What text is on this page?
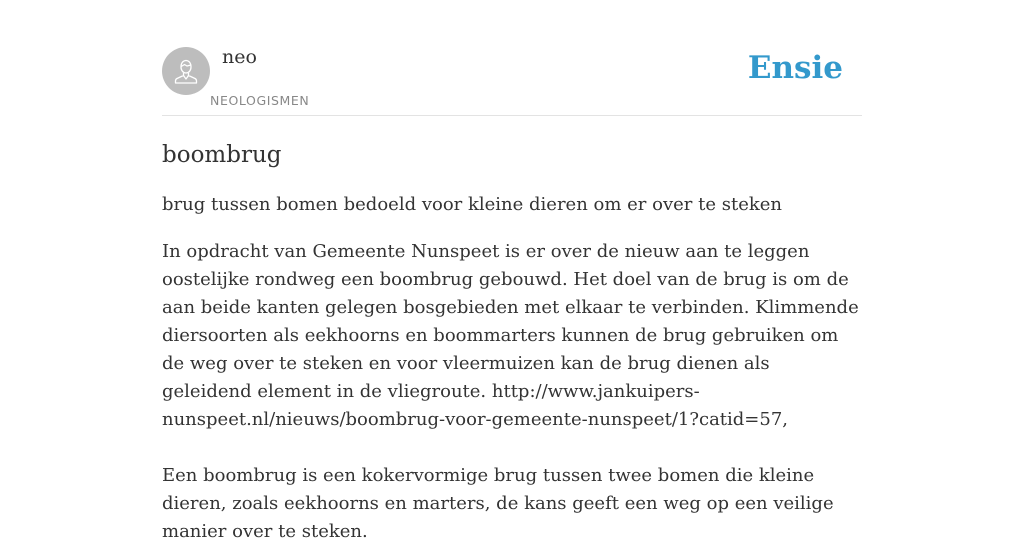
neo
NEOLOGISMEN
Ensie
boombrug

brug tussen bomen bedoeld voor kleine dieren om er over te steken

In opdracht van Gemeente Nunspeet is er over de nieuw aan te leggen oostelijke rondweg een boombrug gebouwd. Het doel van de brug is om de aan beide kanten gelegen bosgebieden met elkaar te verbinden. Klimmende diersoorten als eekhoorns en boommarters kunnen de brug gebruiken om de weg over te steken en voor vleermuizen kan de brug dienen als geleidend element in de vliegroute. http://www.jankuipers-nunspeet.nl/nieuws/boombrug-voor-gemeente-nunspeet/1?catid=57,

Een boombrug is een kokervormige brug tussen twee bomen die kleine dieren, zoals eekhoorns en marters, de kans geeft een weg op een veilige manier over te steken.
